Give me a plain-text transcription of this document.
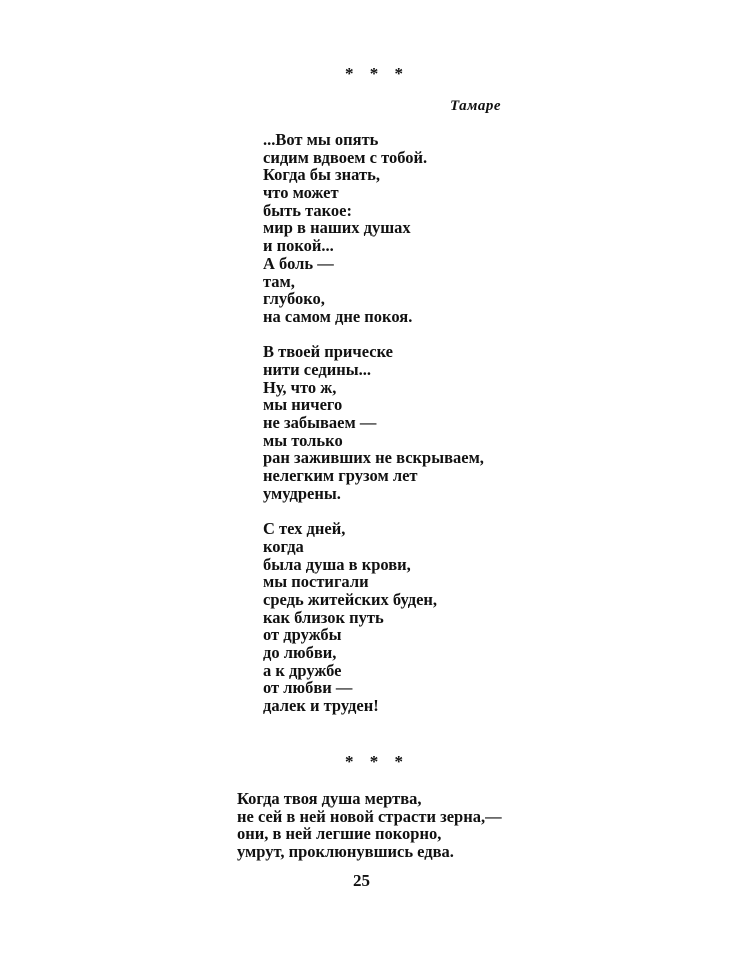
* * *
Тамаре
...Вот мы опять
сидим вдвоем с тобой.
Когда бы знать,
что может
быть такое:
мир в наших душах
и покой...
А боль —
там,
глубоко,
на самом дне покоя.
В твоей прическе
нити седины...
Ну, что ж,
мы ничего
не забываем —
мы только
ран заживших не вскрываем,
нелегким грузом лет
умудрены.
С тех дней,
когда
была душа в крови,
мы постигали
средь житейских буден,
как близок путь
от дружбы
до любви,
а к дружбе
от любви —
далек и труден!
* * *
Когда твоя душа мертва,
не сей в ней новой страсти зерна,—
они, в ней легшие покорно,
умрут, проклюнувшись едва.
25
